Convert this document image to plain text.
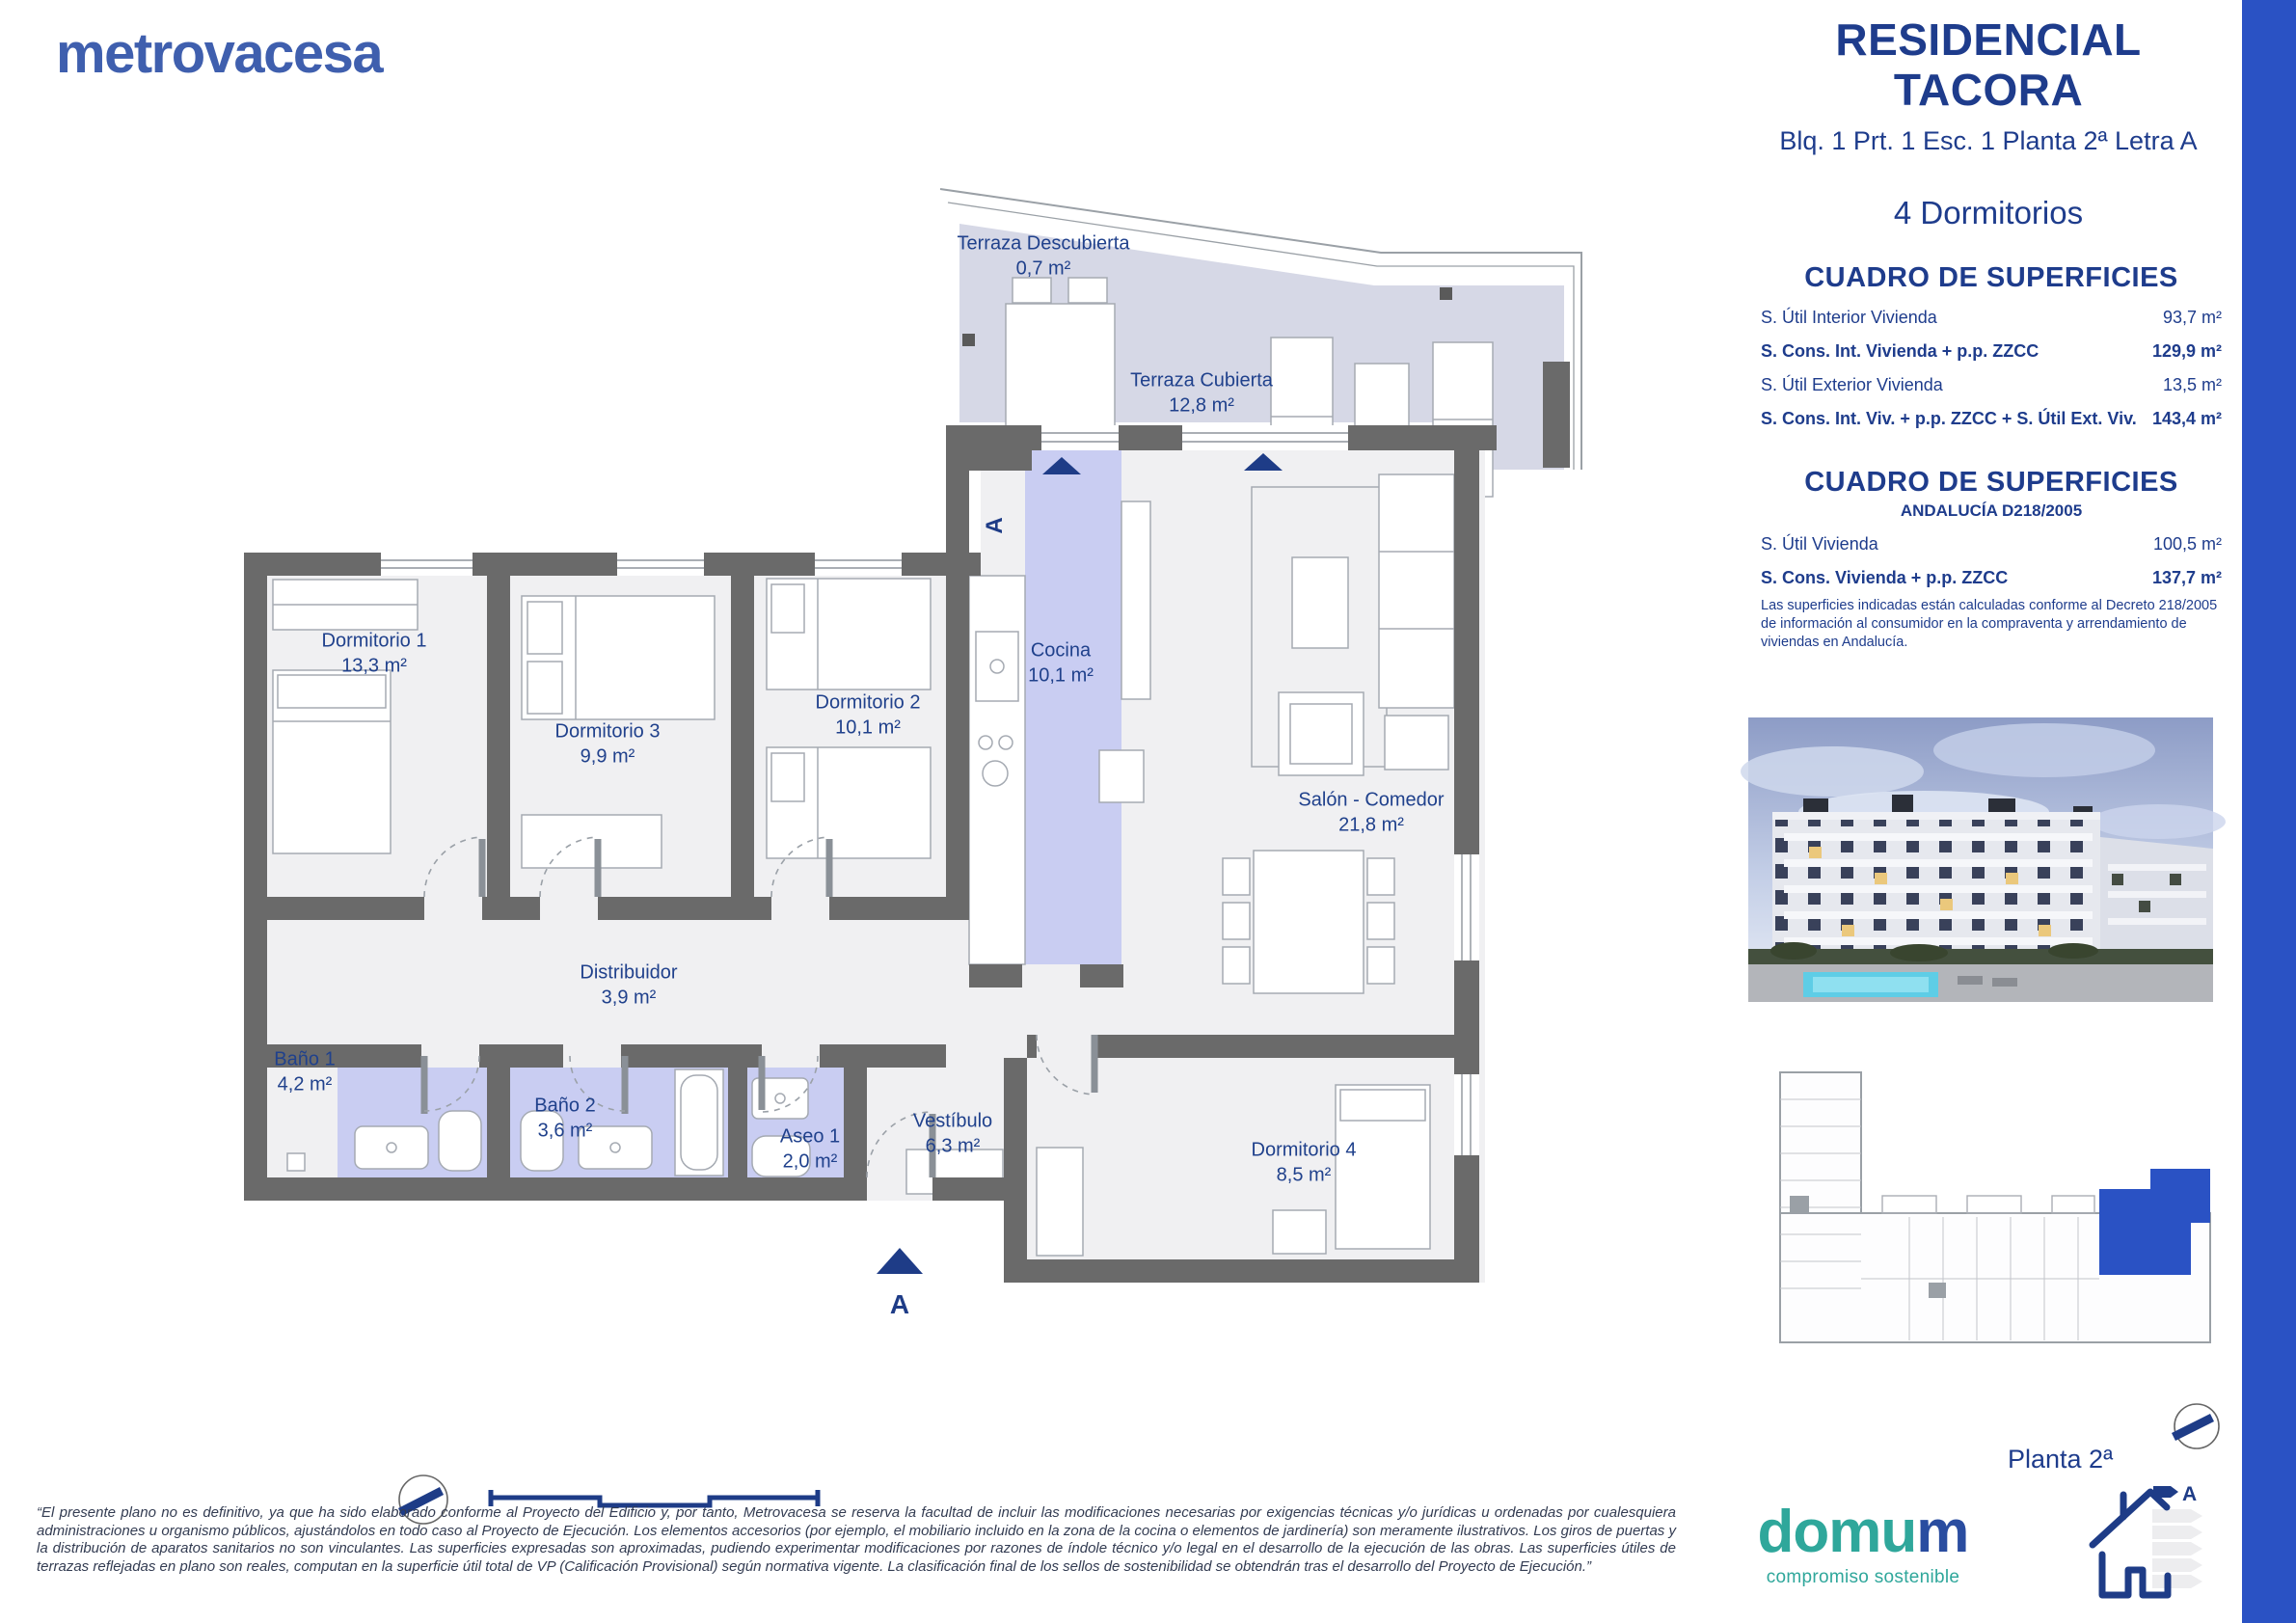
A
A
A
Terraza Descubierta
0,7 m²
Terraza Cubierta
12,8 m²
Dormitorio 1
13,3 m²
Dormitorio 3
9,9 m²
Dormitorio 2
10,1 m²
Cocina
10,1 m²
Salón - Comedor
21,8 m²
Distribuidor
3,9 m²
Baño 1
4,2 m²
Baño 2
3,6 m²	Aseo 1
2,0 m²
Vestíbulo
6,3 m²	Dormitorio 4
8,5 m²
metrovacesa	RESIDENCIAL
TACORA
Blq. 1 Prt. 1 Esc. 1 Planta 2ª Letra A
4 Dormitorios
CUADRO DE SUPERFICIES
S. Útil Interior Vivienda	93,7 m²
S. Cons. Int. Vivienda + p.p. ZZCC	129,9 m²
S. Útil Exterior Vivienda	13,5 m²
S. Cons. Int. Viv. + p.p. ZZCC + S. Útil Ext. Viv. 143,4 m²
CUADRO DE SUPERFICIES
ANDALUCÍA D218/2005
S. Útil Vivienda	100,5 m²
S. Cons. Vivienda + p.p. ZZCC	137,7 m²
Las superficies indicadas están calculadas conforme al Decreto 218/2005 de información al consumidor en la compraventa y arrendamiento de viviendas en Andalucía.
“El presente plano no es definitivo, ya que ha sido elaborado conforme al Proyecto del Edificio y, por tanto, Metrovacesa se reserva la facultad de incluir las modificaciones necesarias por exigencias técnicas y/o jurídicas u ordenadas por cualesquiera administraciones u organismo públicos, ajustándolos en todo caso al Proyecto de Ejecución. Los elementos accesorios (por ejemplo, el mobiliario incluido en la zona de la cocina o elementos de jardinería) son meramente ilustrativos. Los giros de puertas y la distribución de aparatos sanitarios no son vinculantes. Las superficies expresadas son aproximadas, pudiendo experimentar modificaciones por razones de índole técnico y/o legal en el desarrollo de la ejecución de las obras. Las superficies útiles de terrazas reflejadas en plano son reales, computan en la superficie útil total de VP (Calificación Provisional) según normativa vigente. La clasificación final de los sellos de sostenibilidad se obtendrán tras el desarrollo del Proyecto de Ejecución.”
Planta 2ª
domum
compromiso sostenible
